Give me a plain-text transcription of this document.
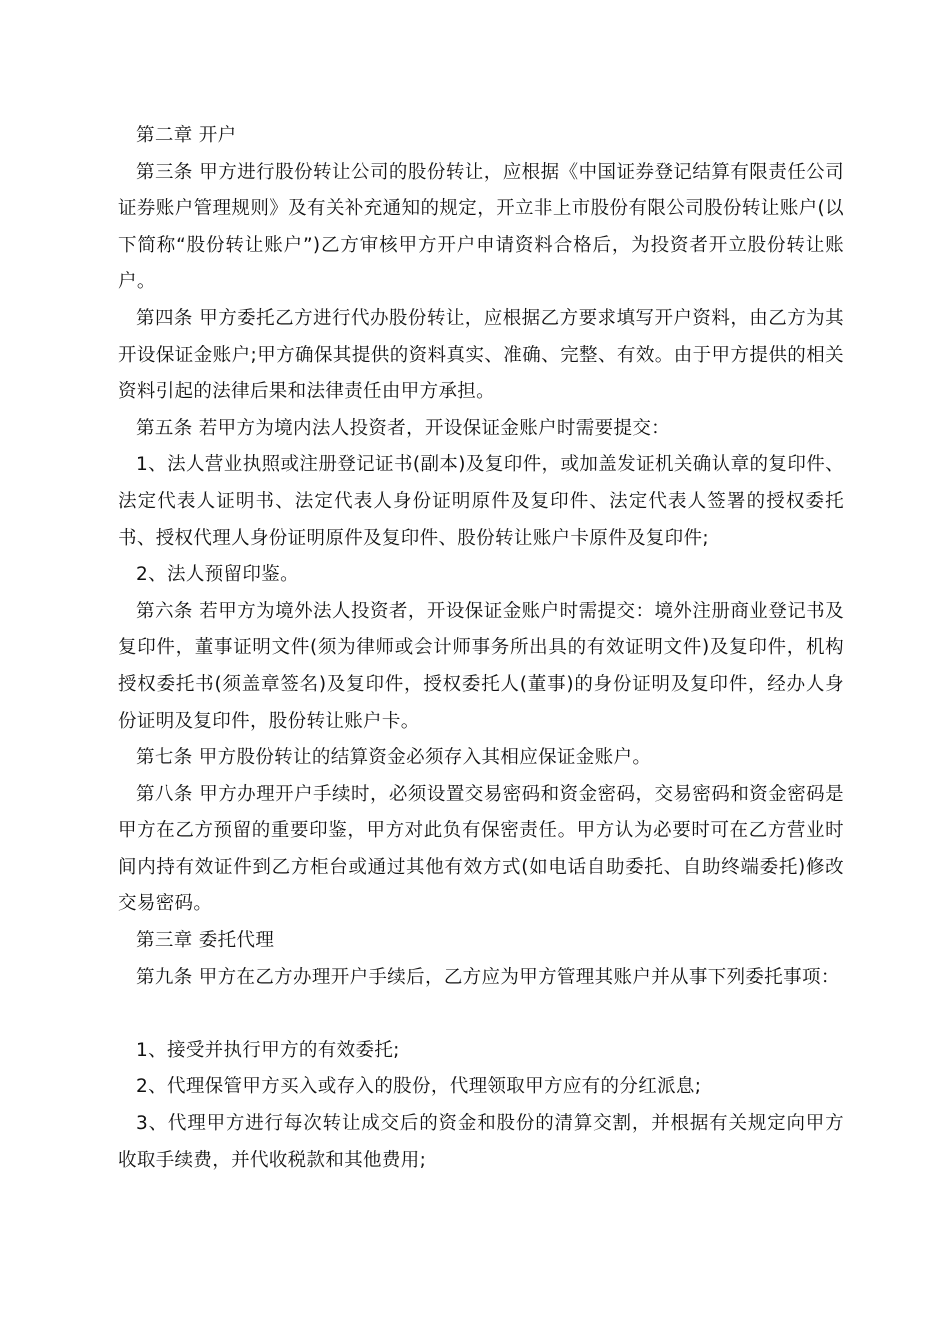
第二章 开户

第三条 甲方进行股份转让公司的股份转让，应根据《中国证券登记结算有限责任公司证券账户管理规则》及有关补充通知的规定，开立非上市股份有限公司股份转让账户(以下简称“股份转让账户”)乙方审核甲方开户申请资料合格后，为投资者开立股份转让账户。

第四条 甲方委托乙方进行代办股份转让，应根据乙方要求填写开户资料，由乙方为其开设保证金账户;甲方确保其提供的资料真实、准确、完整、有效。由于甲方提供的相关资料引起的法律后果和法律责任由甲方承担。

第五条 若甲方为境内法人投资者，开设保证金账户时需要提交：

1、法人营业执照或注册登记证书(副本)及复印件，或加盖发证机关确认章的复印件、法定代表人证明书、法定代表人身份证明原件及复印件、法定代表人签署的授权委托书、授权代理人身份证明原件及复印件、股份转让账户卡原件及复印件;

2、法人预留印鉴。

第六条 若甲方为境外法人投资者，开设保证金账户时需提交：境外注册商业登记书及复印件，董事证明文件(须为律师或会计师事务所出具的有效证明文件)及复印件，机构授权委托书(须盖章签名)及复印件，授权委托人(董事)的身份证明及复印件，经办人身份证明及复印件，股份转让账户卡。

第七条 甲方股份转让的结算资金必须存入其相应保证金账户。

第八条 甲方办理开户手续时，必须设置交易密码和资金密码，交易密码和资金密码是甲方在乙方预留的重要印鉴，甲方对此负有保密责任。甲方认为必要时可在乙方营业时间内持有效证件到乙方柜台或通过其他有效方式(如电话自助委托、自助终端委托)修改交易密码。

第三章 委托代理

第九条 甲方在乙方办理开户手续后，乙方应为甲方管理其账户并从事下列委托事项：

1、接受并执行甲方的有效委托;

2、代理保管甲方买入或存入的股份，代理领取甲方应有的分红派息;

3、代理甲方进行每次转让成交后的资金和股份的清算交割，并根据有关规定向甲方收取手续费，并代收税款和其他费用;
